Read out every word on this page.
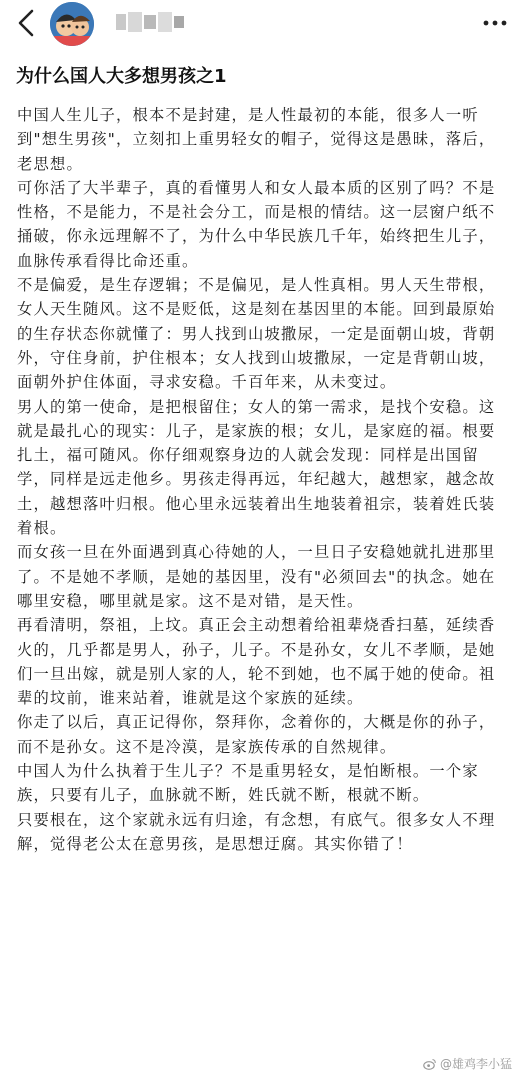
为什么国人大多想男孩之1

中国人生儿子，根本不是封建，是人性最初的本能，很多人一听到"想生男孩"，立刻扣上重男轻女的帽子，觉得这是愚昧，落后，老思想。

可你活了大半辈子，真的看懂男人和女人最本质的区别了吗？不是性格，不是能力，不是社会分工，而是根的情结。这一层窗户纸不捅破，你永远理解不了，为什么中华民族几千年，始终把生儿子，血脉传承看得比命还重。

不是偏爱，是生存逻辑；不是偏见，是人性真相。男人天生带根，女人天生随风。这不是贬低，这是刻在基因里的本能。回到最原始的生存状态你就懂了：男人找到山坡撒尿，一定是面朝山坡，背朝外，守住身前，护住根本；女人找到山坡撒尿，一定是背朝山坡，面朝外护住体面，寻求安稳。千百年来，从未变过。

男人的第一使命，是把根留住；女人的第一需求，是找个安稳。这就是最扎心的现实：儿子，是家族的根；女儿，是家庭的福。根要扎土，福可随风。你仔细观察身边的人就会发现：同样是出国留学，同样是远走他乡。男孩走得再远，年纪越大，越想家，越念故土，越想落叶归根。他心里永远装着出生地装着祖宗，装着姓氏装着根。

而女孩一旦在外面遇到真心待她的人，一旦日子安稳她就扎进那里了。不是她不孝顺，是她的基因里，没有"必须回去"的执念。她在哪里安稳，哪里就是家。这不是对错，是天性。

再看清明，祭祖，上坟。真正会主动想着给祖辈烧香扫墓，延续香火的，几乎都是男人，孙子，儿子。不是孙女，女儿不孝顺，是她们一旦出嫁，就是别人家的人，轮不到她，也不属于她的使命。祖辈的坟前，谁来站着，谁就是这个家族的延续。

你走了以后，真正记得你，祭拜你，念着你的，大概是你的孙子，而不是孙女。这不是冷漠，是家族传承的自然规律。

中国人为什么执着于生儿子？不是重男轻女，是怕断根。一个家族，只要有儿子，血脉就不断，姓氏就不断，根就不断。

只要根在，这个家就永远有归途，有念想，有底气。很多女人不理解，觉得老公太在意男孩，是思想迂腐。其实你错了！

@雄鸡李小猛
